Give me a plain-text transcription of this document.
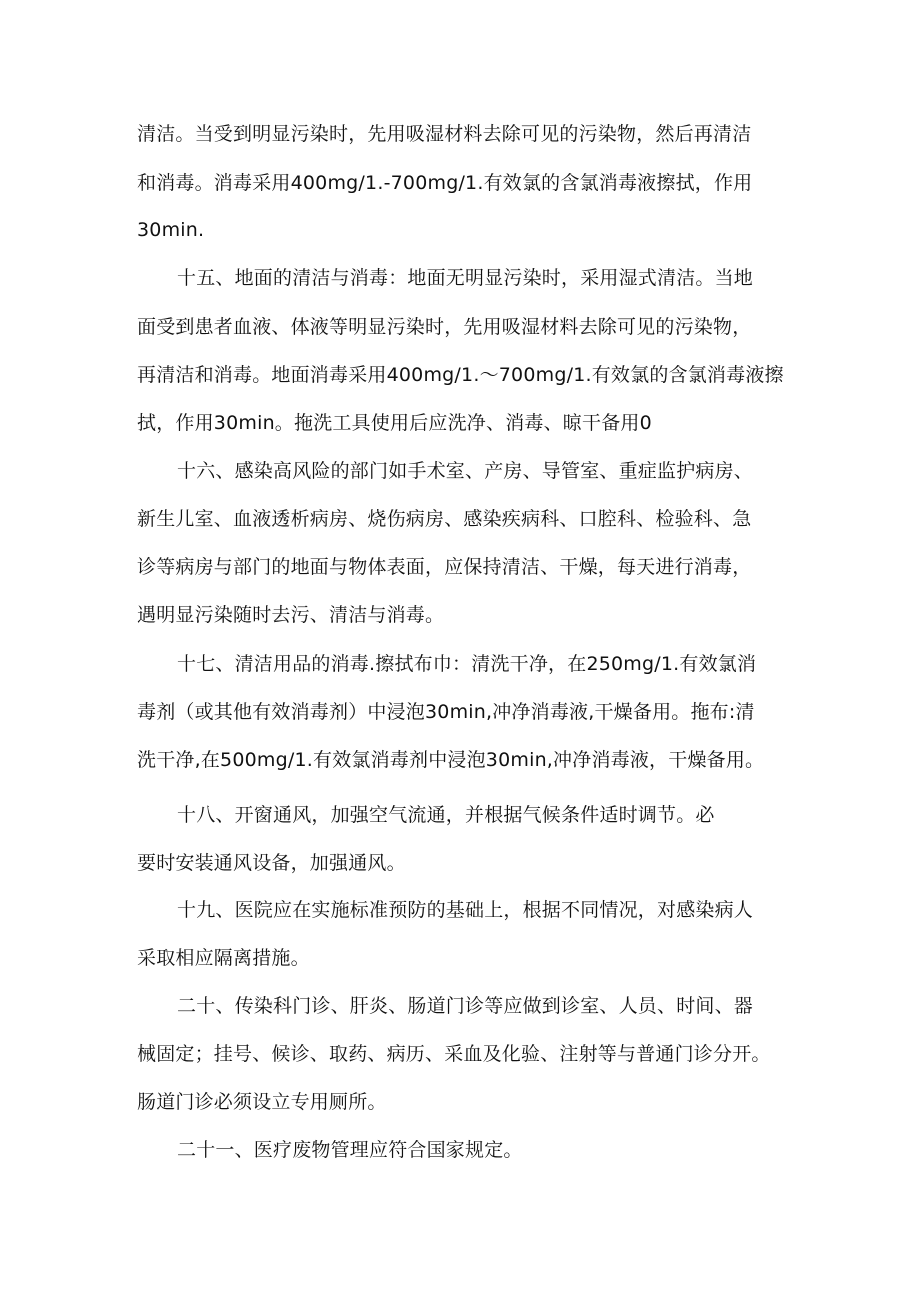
清洁。当受到明显污染时，先用吸湿材料去除可见的污染物，然后再清洁
和消毒。消毒采用400mg/1.-700mg/1.有效氯的含氯消毒液擦拭，作用
30min.
十五、地面的清洁与消毒：地面无明显污染时，采用湿式清洁。当地
面受到患者血液、体液等明显污染时，先用吸湿材料去除可见的污染物，
再清洁和消毒。地面消毒采用400mg/1.～700mg/1.有效氯的含氯消毒液擦
拭，作用30min。拖洗工具使用后应洗净、消毒、晾干备用0
十六、感染高风险的部门如手术室、产房、导管室、重症监护病房、
新生儿室、血液透析病房、烧伤病房、感染疾病科、口腔科、检验科、急
诊等病房与部门的地面与物体表面，应保持清洁、干燥，每天进行消毒，
遇明显污染随时去污、清洁与消毒。
十七、清洁用品的消毒.擦拭布巾：清洗干净，在250mg/1.有效氯消
毒剂（或其他有效消毒剂）中浸泡30min,冲净消毒液,干燥备用。拖布:清
洗干净,在500mg/1.有效氯消毒剂中浸泡30min,冲净消毒液，干燥备用。
十八、开窗通风，加强空气流通，并根据气候条件适时调节。必
要时安装通风设备，加强通风。
十九、医院应在实施标准预防的基础上，根据不同情况，对感染病人
采取相应隔离措施。
二十、传染科门诊、肝炎、肠道门诊等应做到诊室、人员、时间、器
械固定；挂号、候诊、取药、病历、采血及化验、注射等与普通门诊分开。
肠道门诊必须设立专用厕所。
二十一、医疗废物管理应符合国家规定。
